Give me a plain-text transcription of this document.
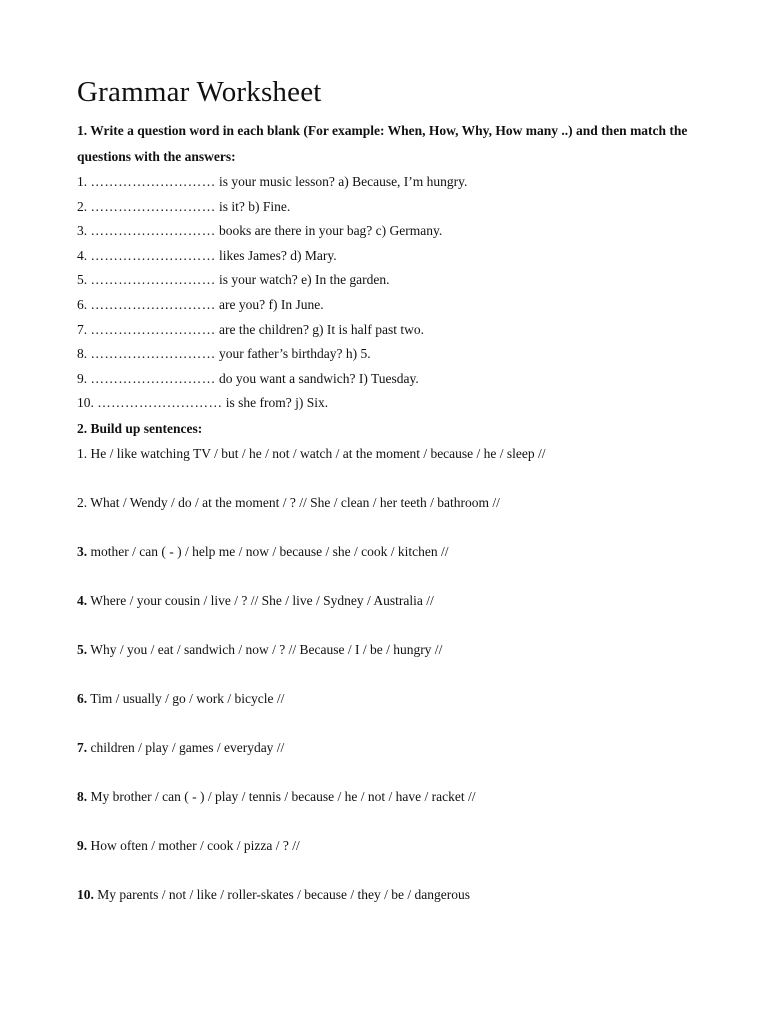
Grammar Worksheet
1. Write a question word in each blank (For example: When, How, Why, How many ..) and then match the questions with the answers:
1. ……………………… is your music lesson? a) Because, I’m hungry.
2. ……………………… is it? b) Fine.
3. ……………………… books are there in your bag? c) Germany.
4. ……………………… likes James? d) Mary.
5. ……………………… is your watch? e) In the garden.
6. ……………………… are you? f) In June.
7. ……………………… are the children? g) It is half past two.
8. ……………………… your father’s birthday? h) 5.
9. ……………………… do you want a sandwich? I) Tuesday.
10. ……………………… is she from? j) Six.
2. Build up sentences:
1. He / like watching TV / but / he / not / watch / at the moment / because / he / sleep //
2. What / Wendy / do / at the moment / ? // She / clean / her teeth / bathroom //
3. mother / can ( - ) / help me / now / because / she / cook / kitchen //
4. Where / your cousin / live / ? // She / live / Sydney / Australia //
5. Why / you / eat / sandwich / now / ? // Because / I / be / hungry //
6. Tim / usually / go / work / bicycle //
7. children / play / games / everyday //
8. My brother / can ( - ) / play / tennis / because / he / not / have / racket //
9. How often / mother / cook / pizza / ? //
10. My parents / not / like / roller-skates / because / they / be / dangerous
